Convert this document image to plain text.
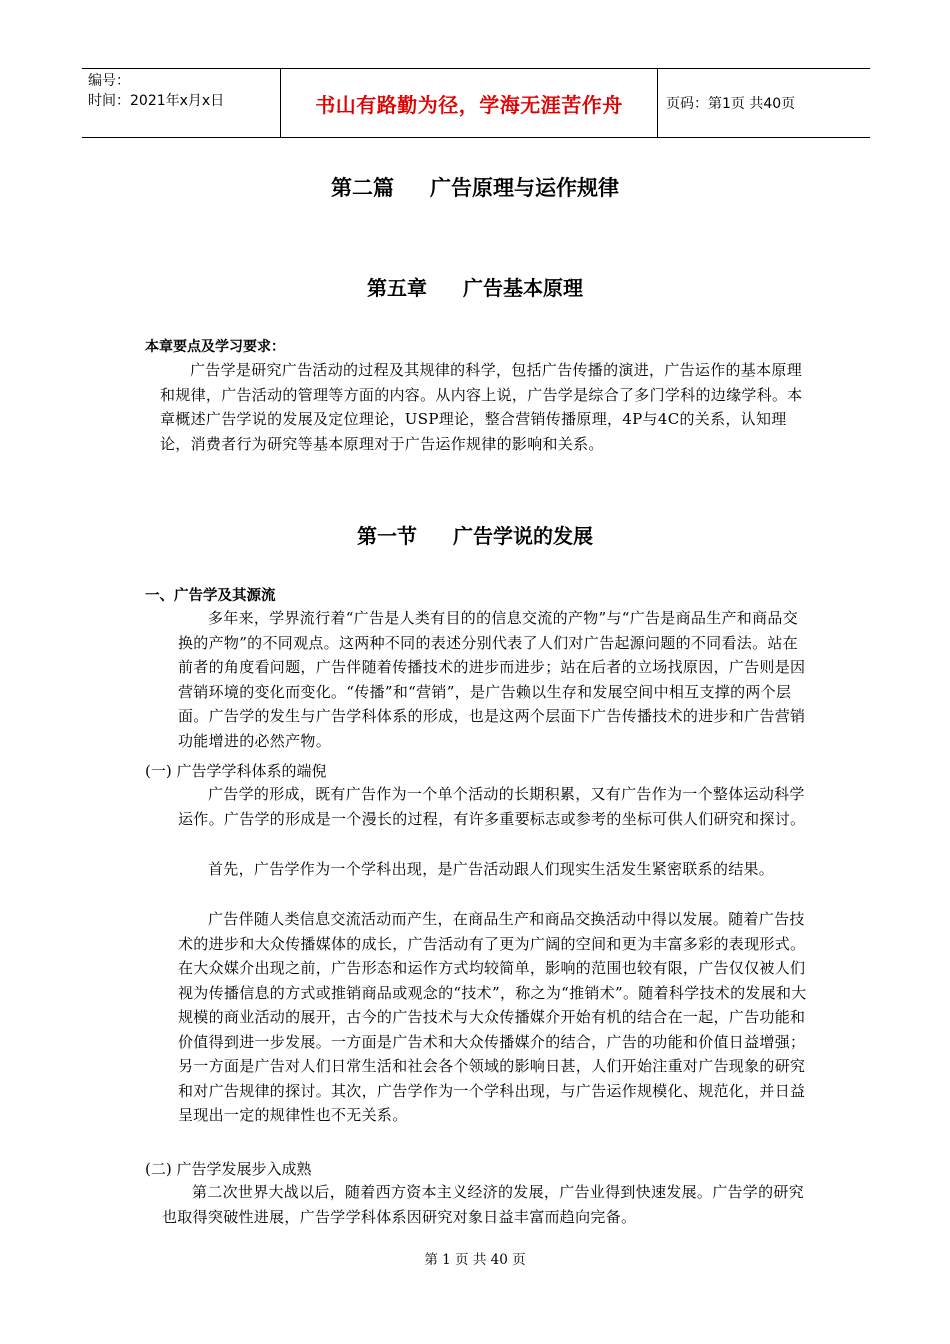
编号：
时间：2021年x月x日	书山有路勤为径，学海无涯苦作舟	页码：第1页 共40页
第二篇 广告原理与运作规律
第五章 广告基本原理
本章要点及学习要求：
广告学是研究广告活动的过程及其规律的科学，包括广告传播的演进，广告运作的基本原理和规律，广告活动的管理等方面的内容。从内容上说，广告学是综合了多门学科的边缘学科。本章概述广告学说的发展及定位理论，USP理论，整合营销传播原理，4P与4C的关系，认知理论，消费者行为研究等基本原理对于广告运作规律的影响和关系。
第一节 广告学说的发展
一、广告学及其源流
多年来，学界流行着“广告是人类有目的的信息交流的产物”与“广告是商品生产和商品交换的产物”的不同观点。这两种不同的表述分别代表了人们对广告起源问题的不同看法。站在前者的角度看问题，广告伴随着传播技术的进步而进步；站在后者的立场找原因，广告则是因营销环境的变化而变化。“传播”和“营销”，是广告赖以生存和发展空间中相互支撑的两个层面。广告学的发生与广告学科体系的形成，也是这两个层面下广告传播技术的进步和广告营销功能增进的必然产物。
(一) 广告学学科体系的端倪
广告学的形成，既有广告作为一个单个活动的长期积累，又有广告作为一个整体运动科学运作。广告学的形成是一个漫长的过程，有许多重要标志或参考的坐标可供人们研究和探讨。
首先，广告学作为一个学科出现，是广告活动跟人们现实生活发生紧密联系的结果。
广告伴随人类信息交流活动而产生，在商品生产和商品交换活动中得以发展。随着广告技术的进步和大众传播媒体的成长，广告活动有了更为广阔的空间和更为丰富多彩的表现形式。在大众媒介出现之前，广告形态和运作方式均较简单，影响的范围也较有限，广告仅仅被人们视为传播信息的方式或推销商品或观念的“技术”，称之为“推销术”。随着科学技术的发展和大规模的商业活动的展开，古今的广告技术与大众传播媒介开始有机的结合在一起，广告功能和价值得到进一步发展。一方面是广告术和大众传播媒介的结合，广告的功能和价值日益增强；另一方面是广告对人们日常生活和社会各个领域的影响日甚，人们开始注重对广告现象的研究和对广告规律的探讨。其次，广告学作为一个学科出现，与广告运作规模化、规范化，并日益呈现出一定的规律性也不无关系。
(二) 广告学发展步入成熟
第二次世界大战以后，随着西方资本主义经济的发展，广告业得到快速发展。广告学的研究也取得突破性进展，广告学学科体系因研究对象日益丰富而趋向完备。
第 1 页 共 40 页
